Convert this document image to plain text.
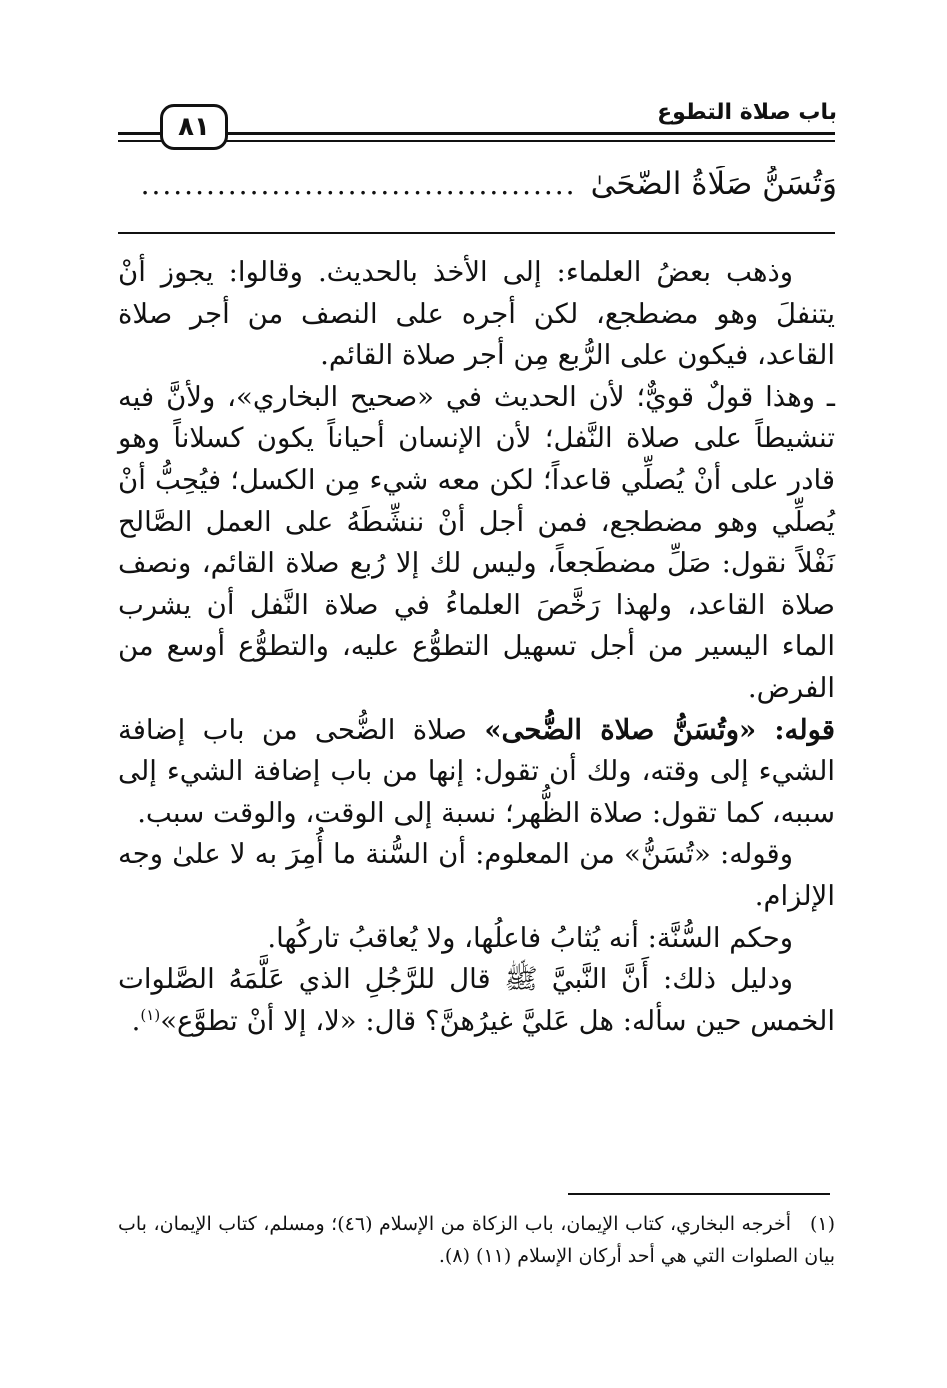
باب صلاة التطوع
٨١
وَتُسَنُّ صَلَاةُ الضّحَىٰ
........................................

وذهب بعضُ العلماء: إلى الأخذ بالحديث. وقالوا: يجوز أنْ يتنفلَ وهو مضطجع، لكن أجره على النصف من أجر صلاة القاعد، فيكون على الرُّبع مِن أجر صلاة القائم.

ـ وهذا قولٌ قويٌّ؛ لأن الحديث في «صحيح البخاري»، ولأنَّ فيه تنشيطاً على صلاة النَّفل؛ لأن الإنسان أحياناً يكون كسلاناً وهو قادر على أنْ يُصلِّي قاعداً؛ لكن معه شيء مِن الكسل؛ فيُحِبُّ أنْ يُصلِّي وهو مضطجع، فمن أجل أنْ ننشِّطَهُ على العمل الصَّالح نَفْلاً نقول: صَلِّ مضطَجعاً، وليس لك إلا رُبع صلاة القائم، ونصف صلاة القاعد، ولهذا رَخَّصَ العلماءُ في صلاة النَّفل أن يشرب الماء اليسير من أجل تسهيل التطوُّع عليه، والتطوُّع أوسع من الفرض.

قوله: «وتُسَنُّ صلاة الضُّحى» صلاة الضُّحى من باب إضافة الشيء إلى وقته، ولك أن تقول: إنها من باب إضافة الشيء إلى سببه، كما تقول: صلاة الظُّهر؛ نسبة إلى الوقت، والوقت سبب.

وقوله: «تُسَنُّ» من المعلوم: أن السُّنة ما أُمِرَ به لا علىٰ وجه الإلزام.

وحكم السُّنَّة: أنه يُثابُ فاعلُها، ولا يُعاقبُ تاركُها.

ودليل ذلك: أَنَّ النَّبيَّ ﷺ قال للرَّجُلِ الذي عَلَّمَهُ الصَّلوات الخمس حين سأله: هل عَليَّ غيرُهنَّ؟ قال: «لا، إلا أنْ تطوَّع»$^{(١)}$.

(١)أخرجه البخاري، كتاب الإيمان، باب الزكاة من الإسلام (٤٦)؛ ومسلم، كتاب الإيمان، باب بيان الصلوات التي هي أحد أركان الإسلام (١١) (٨).
